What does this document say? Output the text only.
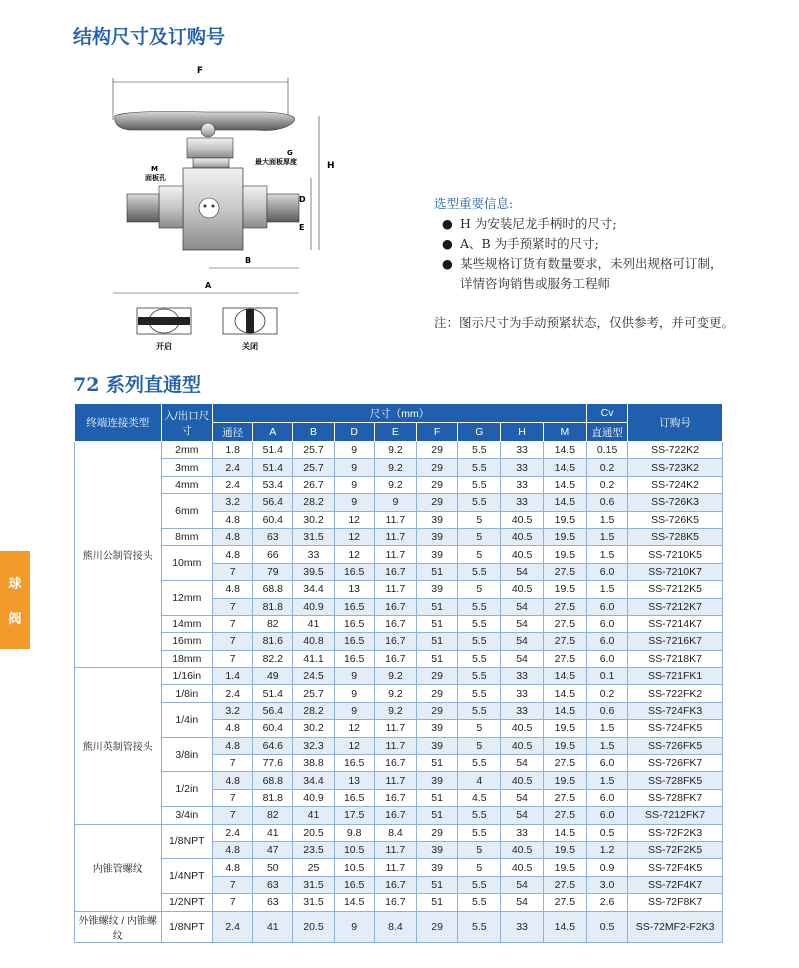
结构尺寸及订购号
F
M
面板孔
G
最大面板厚度	H
D
E
B
A
开启	关闭
选型重要信息:
● H 为安装尼龙手柄时的尺寸;
● A、B 为手预紧时的尺寸;
● 某些规格订货有数量要求，未列出规格可订制，详情咨询销售或服务工程师
注：图示尺寸为手动预紧状态，仅供参考，并可变更。
球
阀
72 系列直通型
终端连接类型	入/出口尺寸	尺寸（mm）									Cv	订购号
		通径	A	B	D	E	F	G	H	M	直通型	
熊川公制管接头	2mm	1.8	51.4	25.7	9	9.2	29	5.5	33	14.5	0.15	SS-722K2
	3mm	2.4	51.4	25.7	9	9.2	29	5.5	33	14.5	0.2	SS-723K2
	4mm	2.4	53.4	26.7	9	9.2	29	5.5	33	14.5	0.2	SS-724K2
	6mm	3.2	56.4	28.2	9	9	29	5.5	33	14.5	0.6	SS-726K3
		4.8	60.4	30.2	12	11.7	39	5	40.5	19.5	1.5	SS-726K5
	8mm	4.8	63	31.5	12	11.7	39	5	40.5	19.5	1.5	SS-728K5
	10mm	4.8	66	33	12	11.7	39	5	40.5	19.5	1.5	SS-7210K5
		7	79	39.5	16.5	16.7	51	5.5	54	27.5	6.0	SS-7210K7
	12mm	4.8	68.8	34.4	13	11.7	39	5	40.5	19.5	1.5	SS-7212K5
		7	81.8	40.9	16.5	16.7	51	5.5	54	27.5	6.0	SS-7212K7
	14mm	7	82	41	16.5	16.7	51	5.5	54	27.5	6.0	SS-7214K7
	16mm	7	81.6	40.8	16.5	16.7	51	5.5	54	27.5	6.0	SS-7216K7
	18mm	7	82.2	41.1	16.5	16.7	51	5.5	54	27.5	6.0	SS-7218K7
熊川英制管接头	1/16in	1.4	49	24.5	9	9.2	29	5.5	33	14.5	0.1	SS-721FK1
	1/8in	2.4	51.4	25.7	9	9.2	29	5.5	33	14.5	0.2	SS-722FK2
	1/4in	3.2	56.4	28.2	9	9.2	29	5.5	33	14.5	0.6	SS-724FK3
		4.8	60.4	30.2	12	11.7	39	5	40.5	19.5	1.5	SS-724FK5
	3/8in	4.8	64.6	32.3	12	11.7	39	5	40.5	19.5	1.5	SS-726FK5
		7	77.6	38.8	16.5	16.7	51	5.5	54	27.5	6.0	SS-726FK7
	1/2in	4.8	68.8	34.4	13	11.7	39	4	40.5	19.5	1.5	SS-728FK5
		7	81.8	40.9	16.5	16.7	51	4.5	54	27.5	6.0	SS-728FK7
	3/4in	7	82	41	17.5	16.7	51	5.5	54	27.5	6.0	SS-7212FK7
内锥管螺纹	1/8NPT	2.4	41	20.5	9.8	8.4	29	5.5	33	14.5	0.5	SS-72F2K3
		4.8	47	23.5	10.5	11.7	39	5	40.5	19.5	1.2	SS-72F2K5
	1/4NPT	4.8	50	25	10.5	11.7	39	5	40.5	19.5	0.9	SS-72F4K5
		7	63	31.5	16.5	16.7	51	5.5	54	27.5	3.0	SS-72F4K7
	1/2NPT	7	63	31.5	14.5	16.7	51	5.5	54	27.5	2.6	SS-72F8K7
外锥螺纹 / 内锥螺纹	1/8NPT	2.4	41	20.5	9	8.4	29	5.5	33	14.5	0.5	SS-72MF2-F2K3
